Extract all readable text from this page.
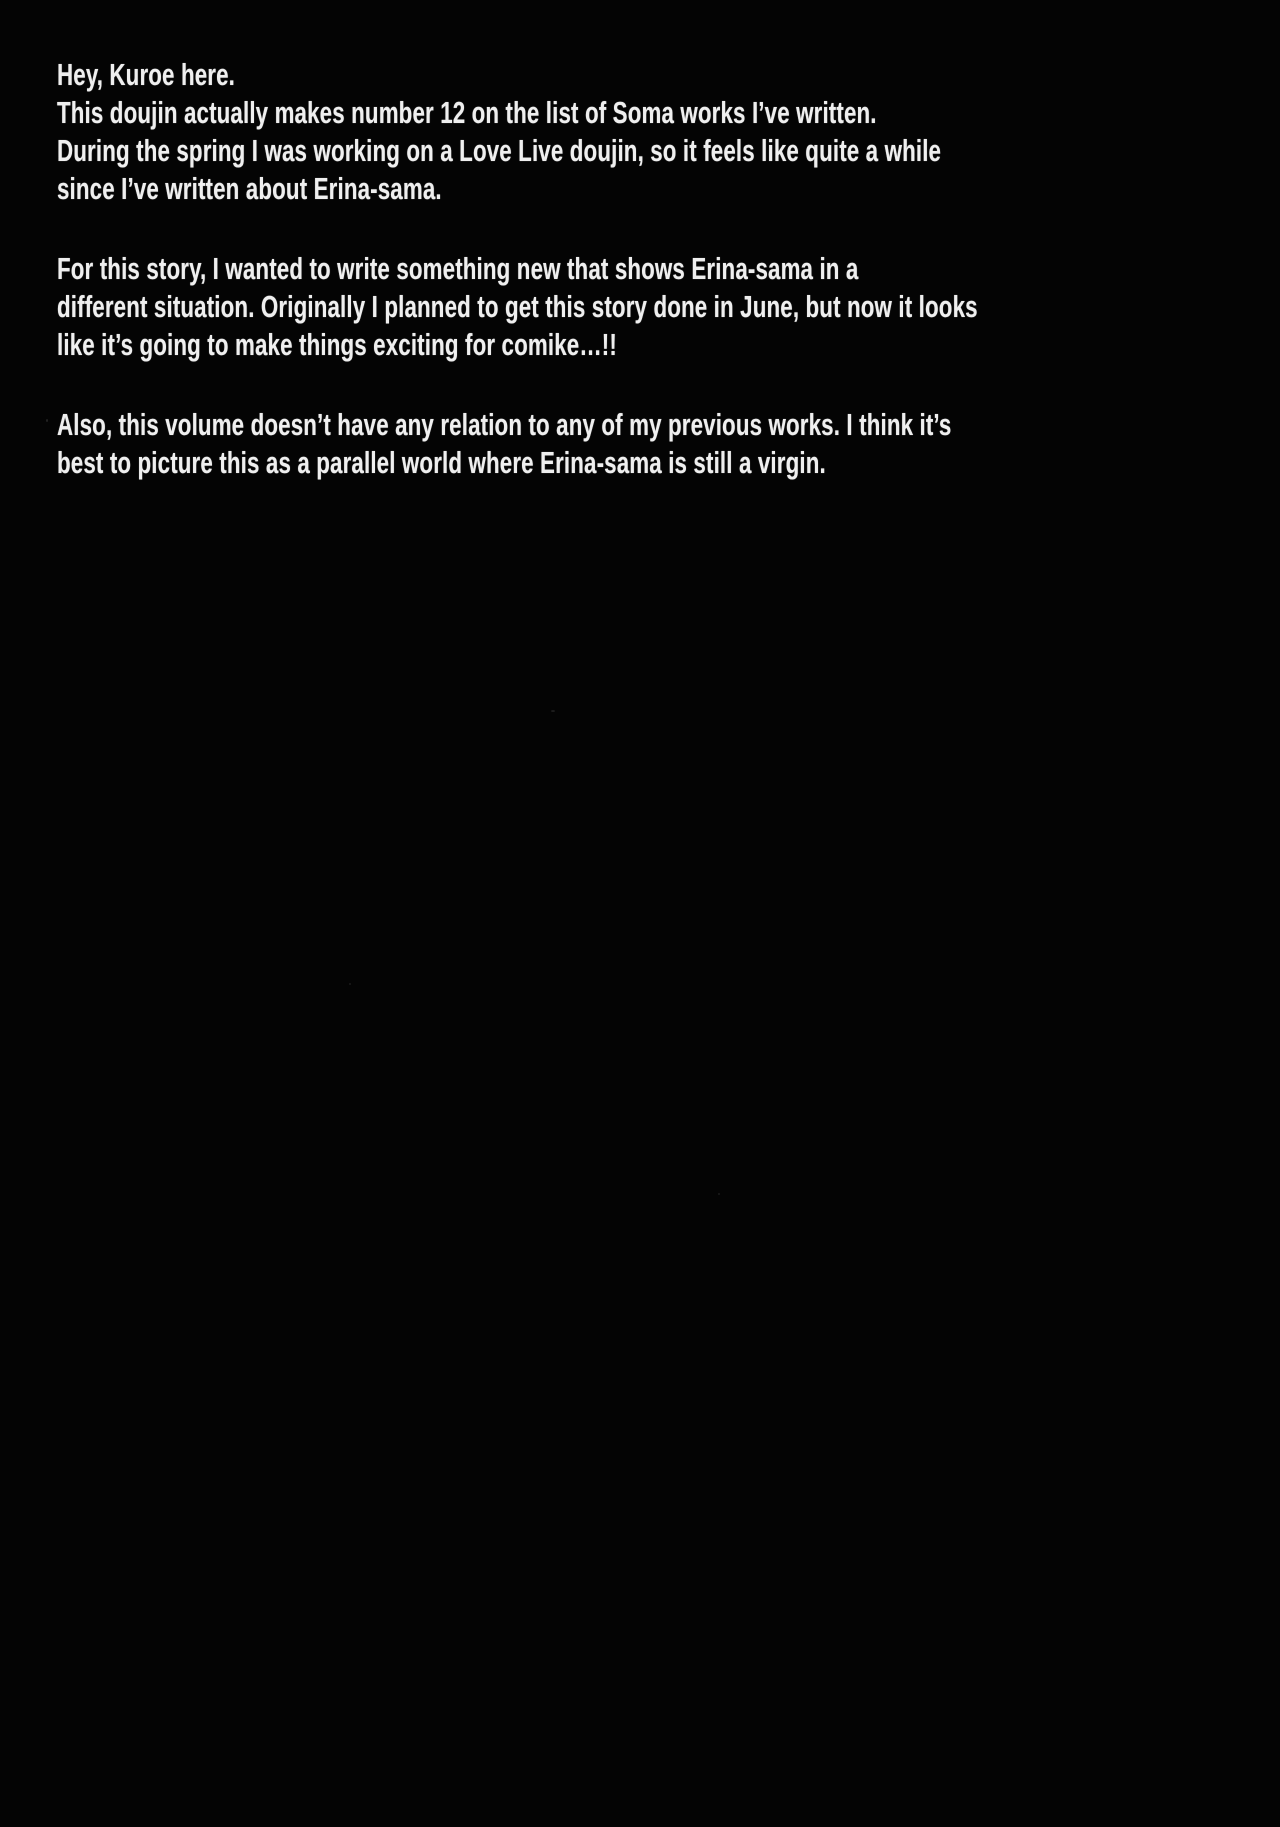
Hey, Kuroe here.
This doujin actually makes number 12 on the list of Soma works I’ve written.
During the spring I was working on a Love Live doujin, so it feels like quite a while
since I’ve written about Erina-sama.
For this story, I wanted to write something new that shows Erina-sama in a
different situation. Originally I planned to get this story done in June, but now it looks
like it’s going to make things exciting for comike…!!
Also, this volume doesn’t have any relation to any of my previous works. I think it’s
best to picture this as a parallel world where Erina-sama is still a virgin.
